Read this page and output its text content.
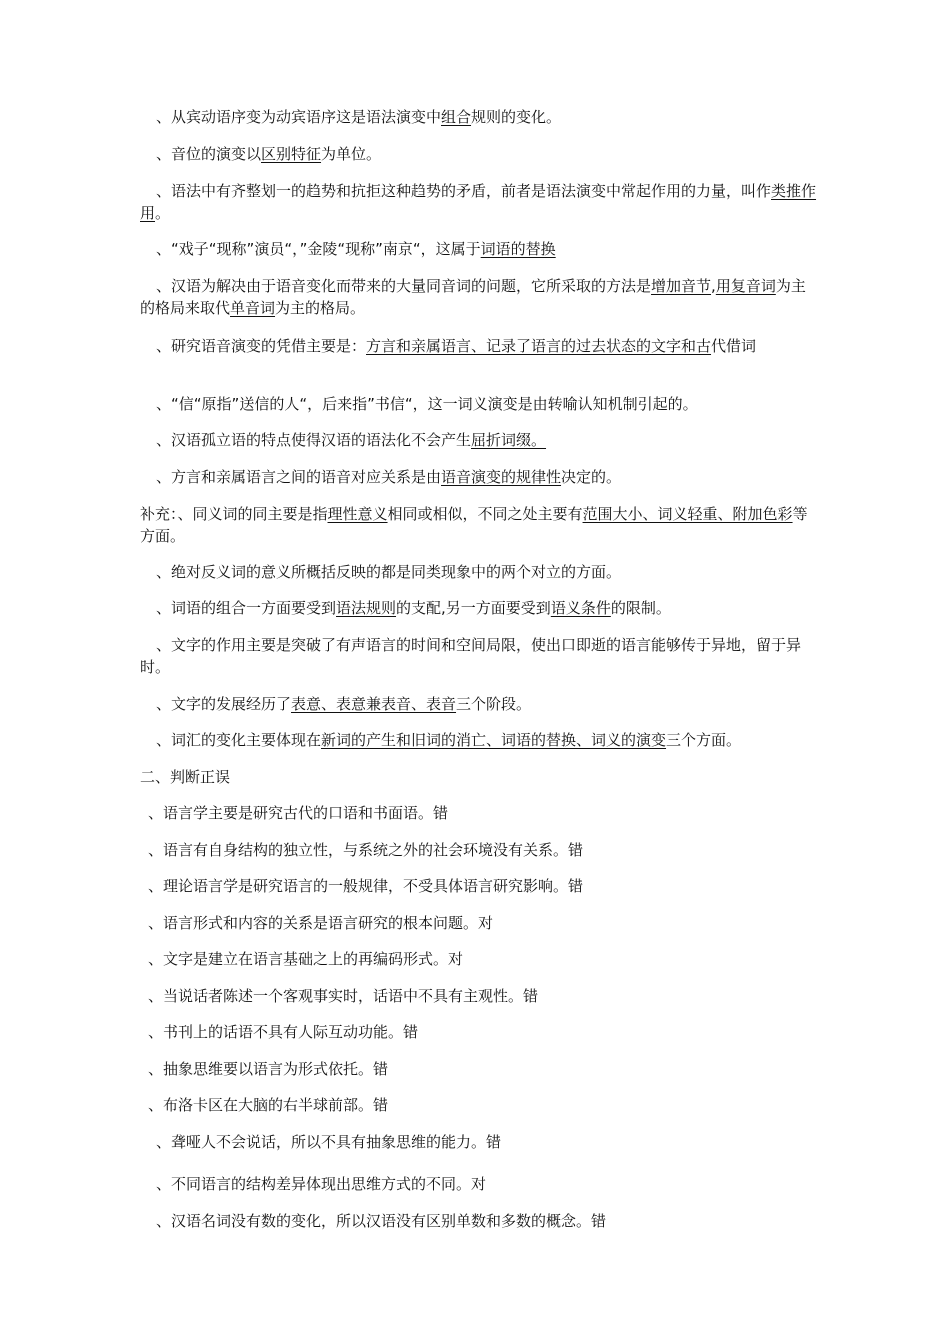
、从宾动语序变为动宾语序这是语法演变中组合规则的变化。
、音位的演变以区别特征为单位。
、语法中有齐整划一的趋势和抗拒这种趋势的矛盾，前者是语法演变中常起作用的力量，叫作类推作用。
、“戏子“现称”演员“，”金陵“现称”南京“，这属于词语的替换
、汉语为解决由于语音变化而带来的大量同音词的问题，它所采取的方法是增加音节,用复音词为主的格局来取代单音词为主的格局。
、研究语音演变的凭借主要是：方言和亲属语言、记录了语言的过去状态的文字和古代借词
、“信“原指”送信的人“，后来指”书信“，这一词义演变是由转喻认知机制引起的。
、汉语孤立语的特点使得汉语的语法化不会产生屈折词缀。
、方言和亲属语言之间的语音对应关系是由语音演变的规律性决定的。
补充：、同义词的同主要是指理性意义相同或相似，不同之处主要有范围大小、词义轻重、附加色彩等方面。
、绝对反义词的意义所概括反映的都是同类现象中的两个对立的方面。
、词语的组合一方面要受到语法规则的支配,另一方面要受到语义条件的限制。
、文字的作用主要是突破了有声语言的时间和空间局限，使出口即逝的语言能够传于异地，留于异时。
、文字的发展经历了表意、表意兼表音、表音三个阶段。
、词汇的变化主要体现在新词的产生和旧词的消亡、词语的替换、词义的演变三个方面。
二、判断正误
、语言学主要是研究古代的口语和书面语。错
、语言有自身结构的独立性，与系统之外的社会环境没有关系。错
、理论语言学是研究语言的一般规律，不受具体语言研究影响。错
、语言形式和内容的关系是语言研究的根本问题。对
、文字是建立在语言基础之上的再编码形式。对
、当说话者陈述一个客观事实时，话语中不具有主观性。错
、书刊上的话语不具有人际互动功能。错
、抽象思维要以语言为形式依托。错
、布洛卡区在大脑的右半球前部。错
、聋哑人不会说话，所以不具有抽象思维的能力。错
、不同语言的结构差异体现出思维方式的不同。对
、汉语名词没有数的变化，所以汉语没有区别单数和多数的概念。错
